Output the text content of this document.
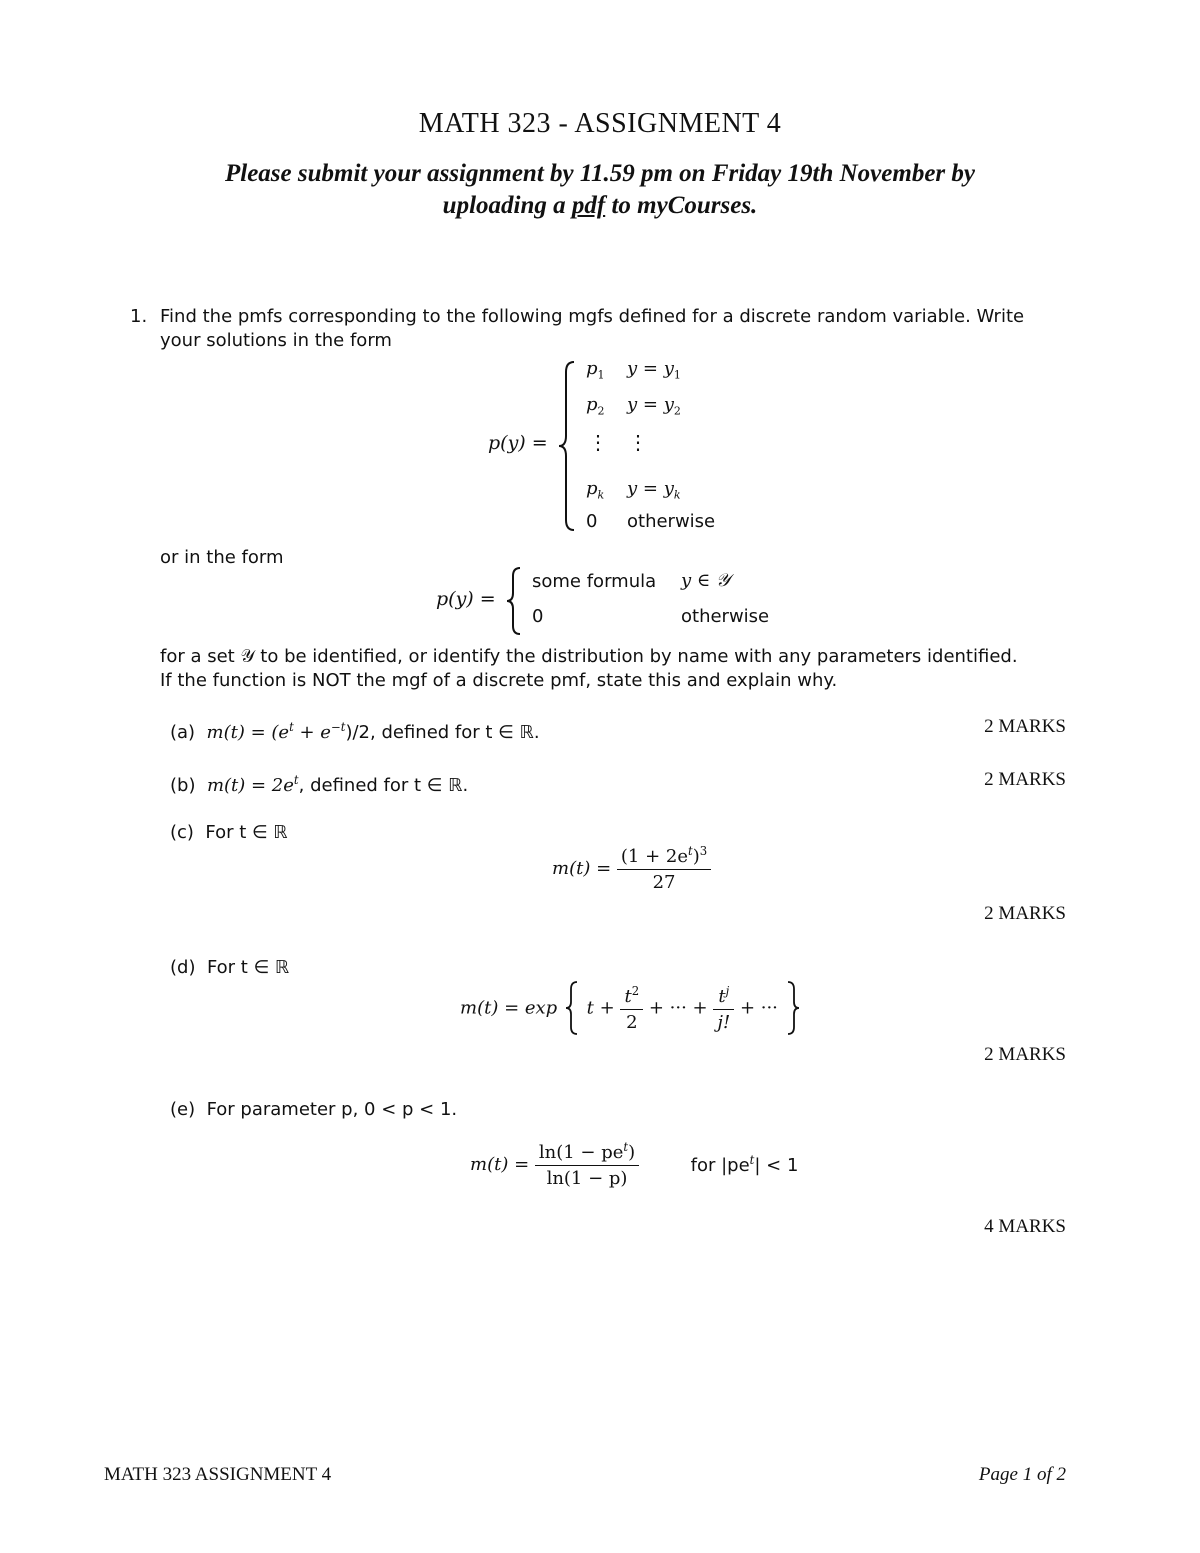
MATH 323 - ASSIGNMENT 4
Please submit your assignment by 11.59 pm on Friday 19th November by
uploading a pdf to myCourses.
1. Find the pmfs corresponding to the following mgfs defined for a discrete random variable. Write
your solutions in the form
p(y) =
$p_1$ $y = y_1$
$p_2$ $y = y_2$
⋮ ⋮
$p_k$ $y = y_k$
0 otherwise
or in the form
p(y) =
some formula y ∈ 𝒴
0	otherwise
for a set 𝒴 to be identified, or identify the distribution by name with any parameters identified.
If the function is NOT the mgf of a discrete pmf, state this and explain why.
(a) $m(t) = (e^t + e^{-t})/2$, defined for t ∈ ℝ.	2 MARKS
(b) $m(t) = 2e^t$, defined for t ∈ ℝ.	2 MARKS
(c) For t ∈ ℝ
$m(t) = \frac{(1 + 2e^t)^3}{27}$
2 MARKS
(d) For t ∈ ℝ
$m(t) = \exp t + \frac{t^2}{2}$ + ··· + $\frac{t^j}{j!}$ + ···
2 MARKS
(e) For parameter p, 0 < p < 1.
$m(t) = \frac{\ln(1 - pe^t)}{\ln(1 - p)}$	for $|pe^t| < 1$
4 MARKS
MATH 323 ASSIGNMENT 4	Page 1 of 2
